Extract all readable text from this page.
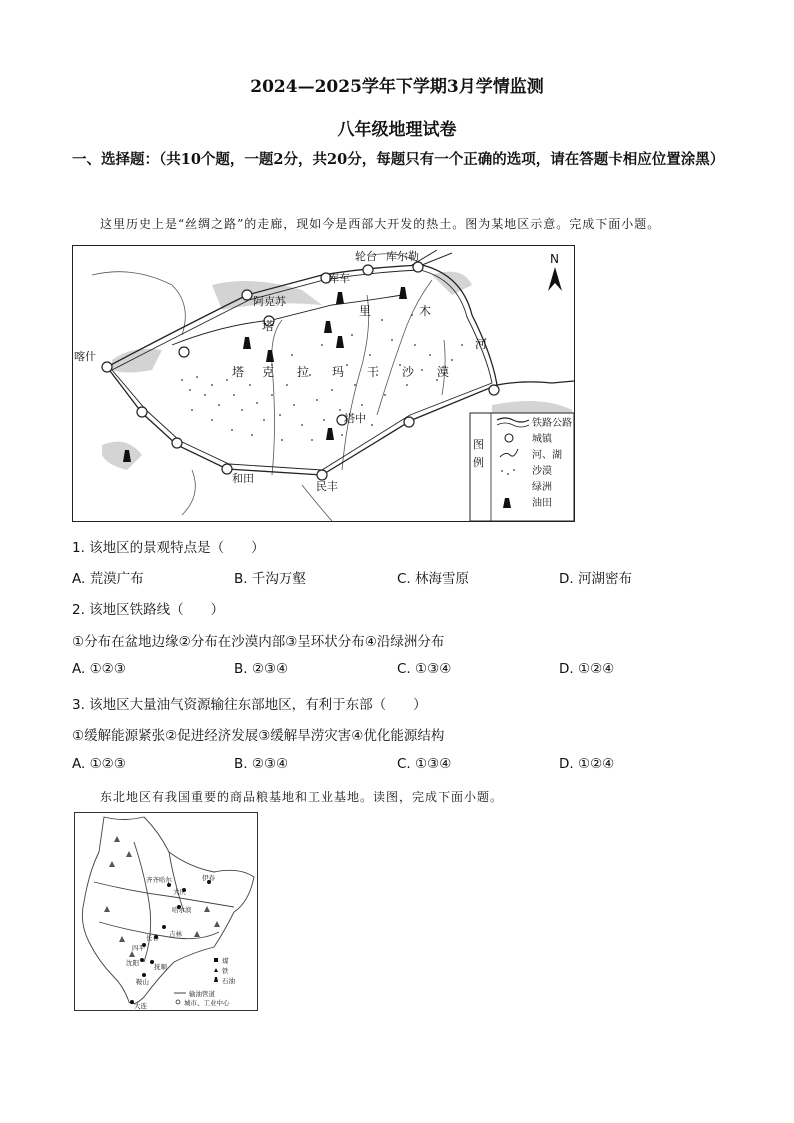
2024—2025学年下学期3月学情监测
八年级地理试卷
一、选择题：（共10个题，一题2分，共20分，每题只有一个正确的选项，请在答题卡相应位置涂黑）
这里历史上是“丝绸之路”的走廊，现如今是西部大开发的热土。图为某地区示意。完成下面小题。
轮台 库尔勒
库车
阿克苏
喀什
和田
民丰
塔中
塔 克 拉 玛 干 沙 漠
里	木
河
塔
N
图
例
铁路公路
城镇
河、湖
沙漠
绿洲
油田
1. 该地区的景观特点是（　　）
A. 荒漠广布	B. 千沟万壑	C. 林海雪原	D. 河湖密布
2. 该地区铁路线（　　）
①分布在盆地边缘②分布在沙漠内部③呈环状分布④沿绿洲分布
A. ①②③	B. ②③④	C. ①③④	D. ①②④
3. 该地区大量油气资源输往东部地区，有利于东部（　　）
①缓解能源紧张②促进经济发展③缓解旱涝灾害④优化能源结构
A. ①②③	B. ②③④	C. ①③④	D. ①②④
东北地区有我国重要的商品粮基地和工业基地。读图，完成下面小题。
齐齐哈尔
大庆
伊春
哈尔滨
吉林
长春
四平
沈阳 抚顺
鞍山
大连
煤
铁
石油
输油管道
城市、工业中心
